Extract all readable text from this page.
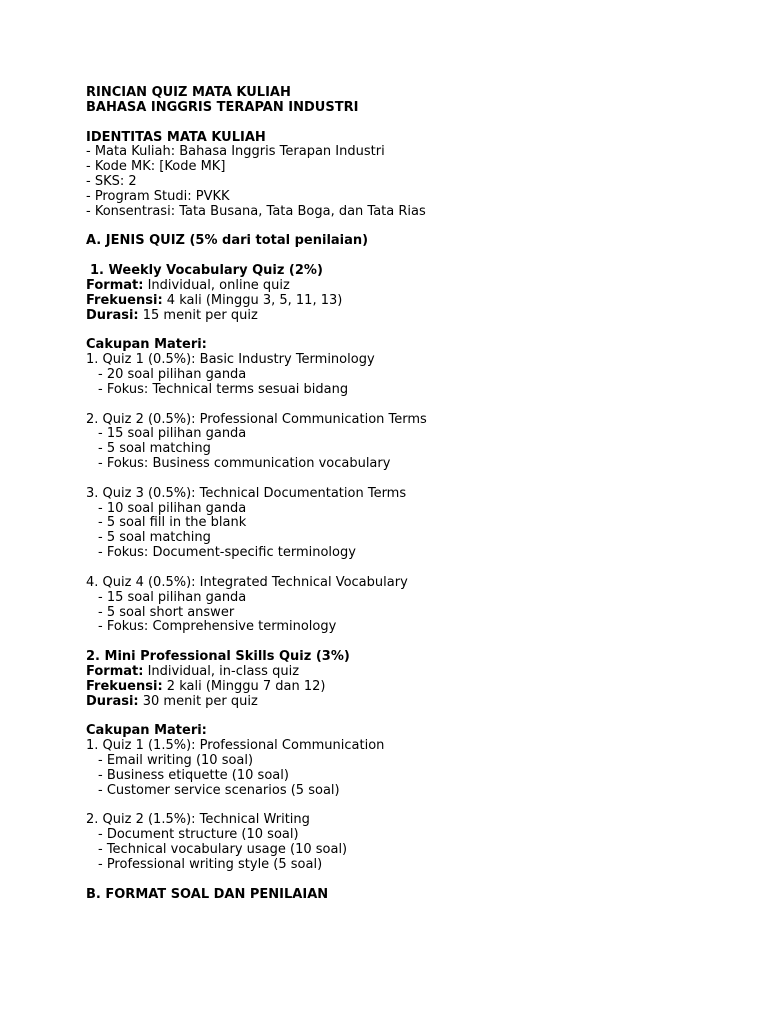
RINCIAN QUIZ MATA KULIAH
BAHASA INGGRIS TERAPAN INDUSTRI
IDENTITAS MATA KULIAH
- Mata Kuliah: Bahasa Inggris Terapan Industri
- Kode MK: [Kode MK]
- SKS: 2
- Program Studi: PVKK
- Konsentrasi: Tata Busana, Tata Boga, dan Tata Rias
A. JENIS QUIZ (5% dari total penilaian)
1. Weekly Vocabulary Quiz (2%)
Format: Individual, online quiz
Frekuensi: 4 kali (Minggu 3, 5, 11, 13)
Durasi: 15 menit per quiz
Cakupan Materi:
1. Quiz 1 (0.5%): Basic Industry Terminology
- 20 soal pilihan ganda
- Fokus: Technical terms sesuai bidang
2. Quiz 2 (0.5%): Professional Communication Terms
- 15 soal pilihan ganda
- 5 soal matching
- Fokus: Business communication vocabulary
3. Quiz 3 (0.5%): Technical Documentation Terms
- 10 soal pilihan ganda
- 5 soal fill in the blank
- 5 soal matching
- Fokus: Document-specific terminology
4. Quiz 4 (0.5%): Integrated Technical Vocabulary
- 15 soal pilihan ganda
- 5 soal short answer
- Fokus: Comprehensive terminology
2. Mini Professional Skills Quiz (3%)
Format: Individual, in-class quiz
Frekuensi: 2 kali (Minggu 7 dan 12)
Durasi: 30 menit per quiz
Cakupan Materi:
1. Quiz 1 (1.5%): Professional Communication
- Email writing (10 soal)
- Business etiquette (10 soal)
- Customer service scenarios (5 soal)
2. Quiz 2 (1.5%): Technical Writing
- Document structure (10 soal)
- Technical vocabulary usage (10 soal)
- Professional writing style (5 soal)
B. FORMAT SOAL DAN PENILAIAN
